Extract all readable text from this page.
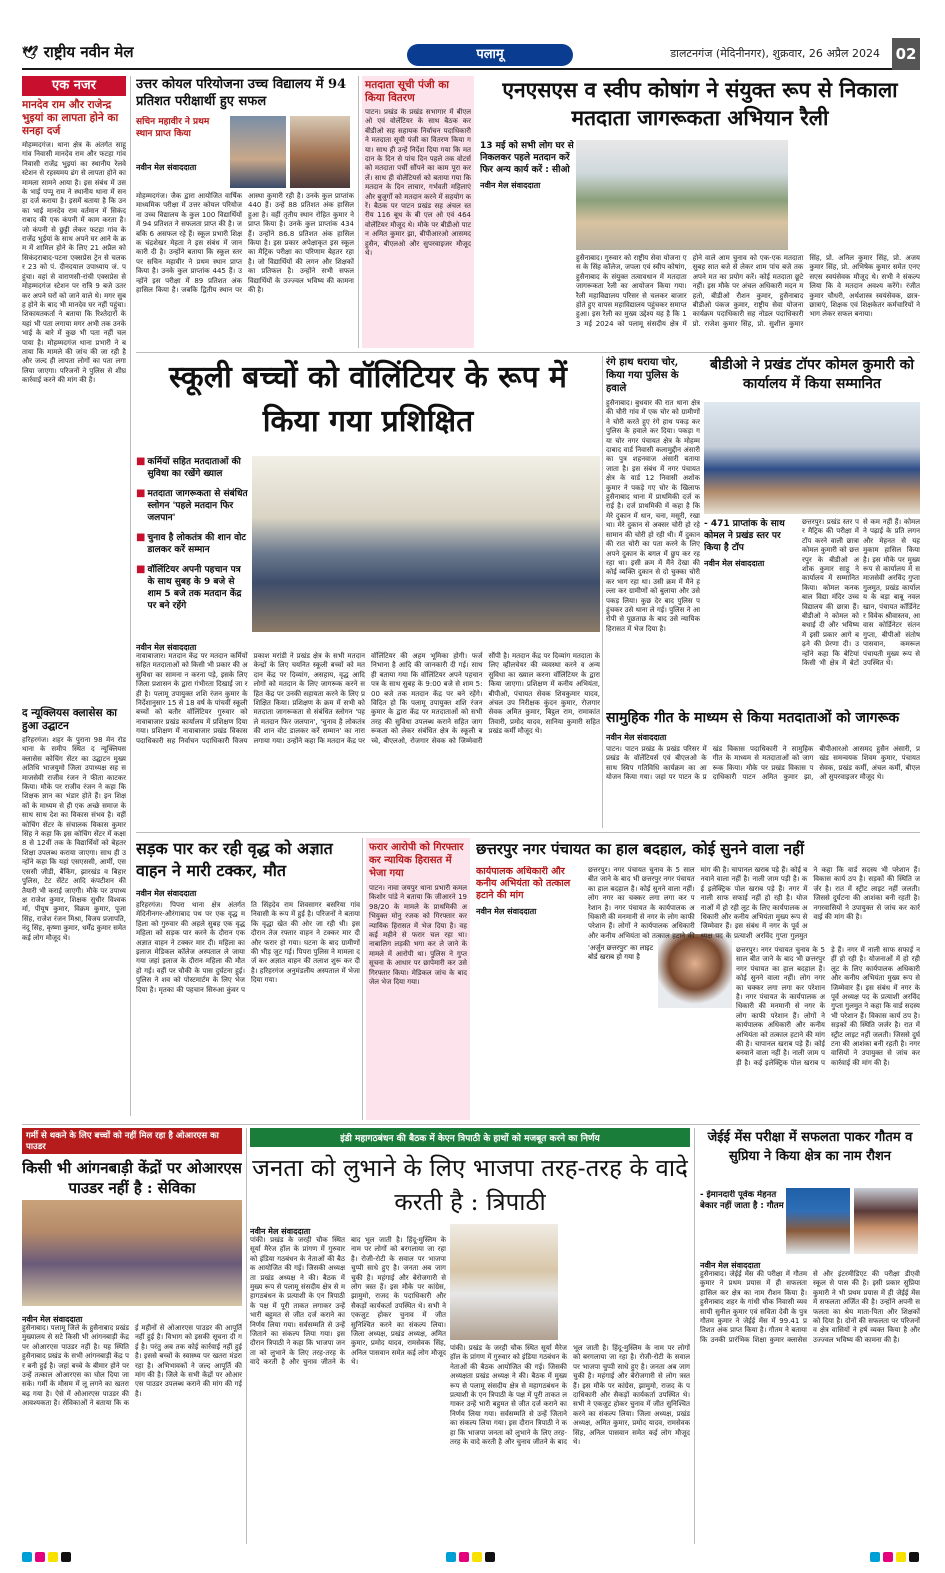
🕊 राष्ट्रीय नवीन मेल	पलामू	डालटनगंज (मेदिनीनगर), शुक्रवार, 26 अप्रैल 2024 02
एक नजर
मानदेव राम और राजेन्द्र भुइयां का लापता होने का सनहा दर्ज
मोहम्मदगंज। थाना क्षेत्र के अंतर्गत साहू गांव निवासी मानदेव राम और फटहा गांव निवासी राजेंद्र भुइयां का स्थानीय रेलवे स्टेशन से रहस्यमय ढंग से लापता होने का मामला सामने आया है। इस संबंध में उसके भाई पप्पू राम ने स्थानीय थाना में सनहा दर्ज कराया है। इसमें बताया है कि उनका भाई मानदेव राम वर्तमान में सिकंदराबाद की एक कंपनी में काम करता है। जो कंपनी से छुट्टी लेकर फटहा गांव के राजेंद्र भुईयां के साथ अपने घर आने के क्रम में शामिल होने के लिए 21 अप्रैल को सिकंदराबाद-पटना एक्सप्रेस ट्रेन से चलकर 23 को पं. दीनदयाल उपाध्याय जं. पहुंचा। वहां से वाराणसी-रांची एक्सप्रेस से मोहम्मदगंज स्टेशन पर रात्रि 9 बजे उतर कर अपने घरों को जाने वाले थे। मगर सुबह होने के बाद भी मानदेव घर नहीं पहुंचा। शिकायतकर्ता ने बताया कि रिश्तेदारों के यहां भी पता लगाया मगर अभी तक उनके भाई के बारे में कुछ भी पता नहीं चल पाया है। मोहम्मदगंज थाना प्रभारी ने बताया कि मामले की जांच की जा रही है और जल्द ही लापता लोगों का पता लगा लिया जाएगा। परिजनों ने पुलिस से शीघ्र कार्रवाई करने की मांग की है।
द न्यूक्लियस क्लासेस का हुआ उद्घाटन
हरिहरगंज। शहर के पुराना 98 मेन रोड थाना के समीप स्थित द न्यूक्लियस क्लासेस कोचिंग सेंटर का उद्घाटन मुख्य अतिथि भाजयुमो जिला उपाध्यक्ष सह समाजसेवी राजीव रंजन ने फीता काटकर किया। मौके पर राजीव रंजन ने कहा कि शिक्षक ज्ञान का भंडार होते हैं। इन शिक्षकों के माध्यम से ही एक अच्छे समाज के साथ साथ देश का विकास संभव है। वहीं कोचिंग सेंटर के संचालक विकास कुमार सिंह ने कहा कि इस कोचिंग सेंटर में कक्षा 8 से 12वीं तक के विद्यार्थियों को बेहतर शिक्षा उपलब्ध कराया जाएगा। साथ ही उन्होंने कहा कि यहां एसएससी, आर्मी, एसएससी जीडी, बैंकिंग, झारखंड व बिहार पुलिस, टेट सेंटेट आदि कंपटीशन की तैयारी भी कराई जाएगी। मौके पर उपाध्यक्ष राजेश कुमार, शिक्षक सुधीर विश्वकर्मा, पीयूष कुमार, विक्रम कुमार, पूजा सिंह, राजेश रंजन मिश्रा, विजय प्रजापति, नंदू सिंह, कृष्णा कुमार, धर्मेंद्र कुमार समेत कई लोग मौजूद थे।
उत्तर कोयल परियोजना उच्च विद्यालय में 94 प्रतिशत परीक्षार्थी हुए सफल
सचिन महावीर ने प्रथम स्थान प्राप्त किया
नवीन मेल संवाददाता
मोहम्मदगंज। जैक द्वारा आयोजित वार्षिक माध्यमिक परीक्षा में उत्तर कोयल परियोजना उच्च विद्यालय के कुल 100 विद्यार्थियों में 94 प्रतिशत ने सफलता प्राप्त की है। जबकि 6 असफल रहे हैं। स्कूल प्रभारी शिक्षक चंद्रशेखर मेहता ने इस संबंध में जानकारी दी है। उन्होंने बताया कि स्कूल स्तर पर सचिन महावीर ने प्रथम स्थान प्राप्त किया है। उनके कुल प्राप्तांक 445 हैं। उन्होंने इस परीक्षा में 89 प्रतिशत अंक हासिल किया है। जबकि द्वितीय स्थान पर आस्था कुमारी रही है। उनके कुल प्राप्तांक 440 हैं। उन्हें 88 प्रतिशत अंक हासिल हुआ है। वहीं तृतीय स्थान रोहित कुमार ने प्राप्त किया है। उनके कुल प्राप्तांक 434 हैं। उन्होंने 86.8 प्रतिशत अंक हासिल किया है। इस प्रकार अपेक्षाकृत इस स्कूल का मैट्रिक परीक्षा का परिणाम बेहतर रहा है। जो विद्यार्थियों की लगन और शिक्षकों का प्रतिफल है। उन्होंने सभी सफल विद्यार्थियों के उज्ज्वल भविष्य की कामना की है।
मतदाता सूची पंजी का किया वितरण
पाटन। प्रखंड के प्रखंड सभागार में बीएलओ एवं वोलेंटियर के साथ बैठक कर बीडीओ सह सहायक निर्वाचन पदाधिकारी ने मतदाता सूची पंजी का वितरण किया गया। साथ ही उन्हें निर्देश दिया गया कि मतदान के दिन से पांच दिन पहले तक वोटर्स को मतदाता पर्ची सौंपने का काम पूरा कर लें। साथ ही वोलेंटियर्स को बताया गया कि मतदान के दिन लाचार, गर्भवती महिलाएं और बुजुर्गों को मतदान करने में सहयोग करें। बैठक पर पाटन प्रखंड सह अंचल स्तरीय 116 बूथ के बी एल ओ एवं 464 वोलेंटियर मौजूद थे। मौके पर बीडीओ पाटन अमित कुमार झा, बीपीआरओ आसमद हुसैन, बीएलओ और सुपरवाइजर मौजूद थे।
एनएसएस व स्वीप कोषांग ने संयुक्त रूप से निकाला मतदाता जागरूकता अभियान रैली
13 मई को सभी लोग घर से निकलकर पहले मतदान करें फिर अन्य कार्य करें : सीओ
नवीन मेल संवाददाता
हुसैनाबाद। गुरुवार को राष्ट्रीय सेवा योजना एस के सिंह कॉलेज, जपला एवं स्वीप कोषांग, हुसैनाबाद के संयुक्त तत्वावधान में मतदाता जागरूकता रैली का आयोजन किया गया। रैली महाविद्यालय परिसर से चलकर बाजार होते हुए वापस महाविद्यालय पहुंचकर समाप्त हुआ। इस रैली का मुख्य उद्देश्य यह है कि 13 मई 2024 को पलामू संसदीय क्षेत्र में होने वाले आम चुनाव को एक-एक मतदाता सुबह सात बजे से लेकर शाम पांच बजे तक अपने मत का प्रयोग करें। कोई मतदाता छूटे नहीं। इस मौके पर अंचल अधिकारी मदन महतो, बीडीओ रौशन कुमार, हुसैनाबाद बीडीओ पंकज कुमार, राष्ट्रीय सेवा योजना कार्यक्रम पदाधिकारी सह नोडल पदाधिकारी प्रो. राजेश कुमार सिंह, प्रो. सुशील कुमार सिंह, प्रो. अनिल कुमार सिंह, प्रो. अजय कुमार सिंह, प्रो. अभिषेक कुमार समेत एनएसएस स्वयंसेवक मौजूद थे। सभी ने संकल्प लिया कि वे मतदान अवश्य करेंगे। रंजीत कुमार चौधरी, अर्थशास्त्र स्वयंसेवक, छात्र-छात्राएं, शिक्षक एवं शिक्षकेतर कर्मचारियों ने भाग लेकर सफल बनाया।
स्कूली बच्चों को वॉलिंटियर के रूप में किया गया प्रशिक्षित
■ कर्मियों सहित मतदाताओं की सुविधा का रखेंगे ख्याल
■ मतदाता जागरूकता से संबंधित स्लोगन 'पहले मतदान फिर जलपान'
■ चुनाव है लोकतंत्र की शान वोट डालकर करें सम्मान
■ वॉलिंटियर अपनी पहचान पत्र के साथ सुबह के 9 बजे से शाम 5 बजे तक मतदान केंद्र पर बने रहेंगे
नवीन मेल संवाददाता
नावाबाजार। मतदान केंद्र पर मतदान कर्मियों सहित मतदाताओं को किसी भी प्रकार की असुविधा का सामना न करना पड़े, इसके लिए जिला प्रशासन के द्वारा गंभीरता दिखाई जा रही है। पलामू उपायुक्त शशि रंजन कुमार के निर्देशानुसार 15 से 18 वर्ष के पांचवीं स्कूली बच्चों को बतौर वॉलिंटियर गुरुवार को नावाबाजार प्रखंड कार्यालय में प्रशिक्षण दिया गया। प्रशिक्षण में नावाबाजार प्रखंड विकास पदाधिकारी सह निर्वाचन पदाधिकारी विजय प्रकाश मरांडी ने प्रखंड क्षेत्र के सभी मतदान केन्द्रों के लिए चयनित स्कूली बच्चों को मतदान केंद्र पर दिव्यांग, असहाय, वृद्ध आदि लोगों को मतदान के लिए जागरूक करने सहित केंद्र पर उनकी सहायता करने के लिए प्रशिक्षित किया। प्रशिक्षण के क्रम में सभी को मतदाता जागरूकता से संबंधित स्लोगन 'पहले मतदान फिर जलपान', 'चुनाव है लोकतंत्र की शान वोट डालकर करें सम्मान' का नारा लगाया गया। उन्होंने कहा कि मतदान केंद्र पर वॉलिंटियर की अहम भूमिका होगी। फर्ज निभाना है आदि की जानकारी दी गई। साथ ही बताया गया कि वॉलिंटियर अपने पहचान पत्र के साथ सुबह के 9:00 बजे से शाम 5:00 बजे तक मतदान केंद्र पर बने रहेंगे। विदित हो कि पलामू उपायुक्त शशि रंजन कुमार के द्वारा केंद्र पर मतदाताओं को सभी तरह की सुविधा उपलब्ध कराने सहित जागरूकता को लेकर संबंधित क्षेत्र के स्कूली बच्चे, बीएलओ, रोजगार सेवक को जिम्मेवारी सौंपी है। मतदान केंद्र पर दिव्यांग मतदाता के लिए व्हीलचेयर की व्यवस्था करने व अन्य सुविधा का ख्याल करना वॉलिंटियर के द्वारा किया जाएगा। प्रशिक्षण में कनीय अभियंता, बीपीओ, पंचायत सेवक शिवकुमार यादव, अंचल उप निरीक्षक कुंदन कुमार, रोजगार सेवक अमित कुमार, बिट्ठल राम, रामाकांत तिवारी, प्रमोद यादव, सानिया कुमारी सहित प्रखंड कर्मी मौजूद थे।
रंगे हाथ धराया चोर, किया गया पुलिस के हवाले
हुसैनाबाद। बुधवार की रात थाना क्षेत्र की चौरी गांव में एक चोर को ग्रामीणों ने चोरी करते हुए रंगे हाथ पकड़ कर पुलिस के हवाले कर दिया। पकड़ा गया चोर नगर पंचायत क्षेत्र के मोहम्मदाबाद वार्ड निवासी कलामुद्दीन अंसारी का पुत्र शहनवाज अंसारी बताया जाता है। इस संबंध में नगर पंचायत क्षेत्र के वार्ड 12 निवासी अशोक कुमार ने पकड़े गए चोर के खिलाफ हुसैनाबाद थाना में प्राथमिकी दर्ज कराई है। दर्ज प्राथमिकी में कहा है कि मेरे दुकान में धान, चना, मसूरी, रखा था। मेरे दुकान से अक्सर चोरी हो रहे सामान की चोरी हो रही थी। मैं दुकान की रात चोरी का पता करने के लिए अपने दुकान के बगल में छुप कर रह रहा था। इसी क्रम में मैंने देखा की कोई व्यक्ति दुकान से दो चुक्का चोरी कर भाग रहा था। उसी क्रम में मैंने हल्ला कर ग्रामीणों को बुलाया और उसे पकड़ लिया। कुछ देर बाद पुलिस पहुंचकर उसे थाना ले गई। पुलिस ने आरोपी से पूछताछ के बाद उसे न्यायिक हिरासत में भेज दिया है।
बीडीओ ने प्रखंड टॉपर कोमल कुमारी को कार्यालय में किया सम्मानित
- 471 प्राप्तांक के साथ कोमल ने प्रखंड स्तर पर किया है टॉप
नवीन मेल संवाददाता
छत्तरपुर। प्रखंड स्तर पर मैट्रिक की परीक्षा में टॉप करने वाली छात्रा कोमल कुमारी को छत्तरपुर के बीडीओ अशोक कुमार साहू ने कार्यालय में सम्मानित किया। कोमल कनक बाल विद्या मंदिर उच्च विद्यालय की छात्रा हैं। बीडीओ ने कोमल को बधाई दी और भविष्य में इसी प्रकार आगे बढ़ने की प्रेरणा दी। उन्होंने कहा कि बेटियां किसी भी क्षेत्र में बेटों से कम नहीं हैं। कोमल ने पढ़ाई के प्रति लगन और मेहनत से यह मुकाम हासिल किया है। इस मौके पर मुख्य रूप से कार्यालय में समाजसेवी अरविंद गुप्ता गुलमुत, प्रखंड कार्यालय के बड़ा बाबू नवल खान, पंचायत कॉर्डिनेटर विवेक श्रीवास्तव, आवास कोर्डिनेटर संतन गुप्ता, बीपीओ संतोष पासवान, कमरूल पंचायती मुख्य रूप से उपस्थित थे।
सामुहिक गीत के माध्यम से किया मतदाताओं को जागरूक
नवीन मेल संवाददाता
पाटन। पाटन प्रखंड के प्रखंड परिसर में प्रखंड के वॉलेंटियर्स एवं बीएलओ के साथ स्विप गतिविधि कार्यक्रम का आयोजन किया गया। जहां पर पाटन के प्रखंड विकास पदाधिकारी ने सामुहिक गीत के माध्यम से मतदाताओं को जागरूक किया। मौके पर प्रखंड विकास पदाधिकारी पाटन अमित कुमार झा, बीपीआरओ आसमद हुसैन अंसारी, प्रखंड समन्वयक शिवम कुमार, पंचायत सेवक, प्रखंड कर्मी, अंचल कर्मी, बीएलओ सुपरवाइजर मौजूद थे।
सड़क पार कर रही वृद्ध को अज्ञात वाहन ने मारी टक्कर, मौत
नवीन मेल संवाददाता
हरिहरगंज। पिपरा थाना क्षेत्र अंतर्गत मेदिनीनगर-औरंगाबाद पथ पर एक वृद्ध महिला को गुरुवार की अहले सुबह एक वृद्ध महिला को सड़क पार करने के दौरान एक अज्ञात वाहन ने टक्कर मार दी। महिला का इलाज मेडिकल कॉलेज अस्पताल ले जाया गया जहां इलाज के दौरान महिला की मौत हो गई। वहीं पर चौकी के पास दुर्घटना हुई। पुलिस ने शव को पोस्टमार्टम के लिए भेज दिया है। मृतका की पहचान सिरुआ कुंवर पति सिंहदेव राम शिवसागर बसरिया गांव निवासी के रूप में हुई है। परिजनों ने बताया कि वृद्धा खेत की ओर जा रही थी। इस दौरान तेज रफ्तार वाहन ने टक्कर मार दी और फरार हो गया। घटना के बाद ग्रामीणों की भीड़ जुट गई। पिपरा पुलिस ने मामला दर्ज कर अज्ञात वाहन की तलाश शुरू कर दी है। हरिहरगंज अनुमंडलीय अस्पताल में भेजा दिया गया।
फरार आरोपी को गिरफ्तार कर न्यायिक हिरासत में भेजा गया
पाटन। नावा जयपुर थाना प्रभारी कमल किशोर पांडे ने बताया कि जीआरने 1998/20 के मामले के प्राथमिकी अभियुक्त मोनु रजक को गिरफ्तार कर न्यायिक हिरासत में भेज दिया है। वह कई महीने से फरार चल रहा था। नाबालिग लड़की भगा कर ले जाने के मामले में आरोपी था। पुलिस ने गुप्त सूचना के आधार पर छापेमारी कर उसे गिरफ्तार किया। मेडिकल जांच के बाद जेल भेज दिया गया।
छत्तरपुर नगर पंचायत का हाल बदहाल, कोई सुनने वाला नहीं
कार्यपालक अधिकारी और कनीय अभियंता को तत्काल हटाने की मांग
नवीन मेल संवाददाता
'अर्जुन छत्तरपुर' का लाइट बोर्ड खराब हो गया है
छत्तरपुर। नगर पंचायत चुनाव के 5 साल बीत जाने के बाद भी छत्तरपुर नगर पंचायत का हाल बदहाल है। कोई सुनने वाला नहीं। लोग नगर का चक्कर लगा लगा कर परेशान है। नगर पंचायत के कार्यपालक अधिकारी की मनमानी से नगर के लोग काफी परेशान हैं। लोगों ने कार्यपालक अधिकारी और कनीय अभियंता को तत्काल हटाने की मांग की है। चापानल खराब पड़े हैं। कोई बनवाने वाला नहीं है। नाली जाम पड़ी है। कई इलेक्ट्रिक पोल खराब पड़े हैं। नगर में नाली साफ सफाई नहीं हो रही है। योजनाओं में हो रही लूट के लिए कार्यपालक अधिकारी और कनीय अभियंता मुख्य रूप से जिम्मेवार हैं। इस संबंध में नगर के पूर्व अध्यक्ष पद के प्रत्याशी अरविंद गुप्ता गुलमुत ने कहा कि वार्ड सदस्य भी परेशान हैं। विकास कार्य ठप है। सड़कों की स्थिति जर्जर है। रात में स्ट्रीट लाइट नहीं जलती। जिससे दुर्घटना की आशंका बनी रहती है। नगरवासियों ने उपायुक्त से जांच कर कार्रवाई की मांग की है।
छत्तरपुर। नगर पंचायत चुनाव के 5 साल बीत जाने के बाद भी छत्तरपुर नगर पंचायत का हाल बदहाल है। कोई सुनने वाला नहीं। लोग नगर का चक्कर लगा लगा कर परेशान है। नगर पंचायत के कार्यपालक अधिकारी की मनमानी से नगर के लोग काफी परेशान हैं। लोगों ने कार्यपालक अधिकारी और कनीय अभियंता को तत्काल हटाने की मांग की है। चापानल खराब पड़े हैं। कोई बनवाने वाला नहीं है। नाली जाम पड़ी है। कई इलेक्ट्रिक पोल खराब पड़े हैं। नगर में नाली साफ सफाई नहीं हो रही है। योजनाओं में हो रही लूट के लिए कार्यपालक अधिकारी और कनीय अभियंता मुख्य रूप से जिम्मेवार हैं। इस संबंध में नगर के पूर्व अध्यक्ष पद के प्रत्याशी अरविंद गुप्ता गुलमुत ने कहा कि वार्ड सदस्य भी परेशान हैं। विकास कार्य ठप है। सड़कों की स्थिति जर्जर है। रात में स्ट्रीट लाइट नहीं जलती। जिससे दुर्घटना की आशंका बनी रहती है। नगरवासियों ने उपायुक्त से जांच कर कार्रवाई की मांग की है।
गर्मी से थकने के लिए बच्चों को नहीं मिल रहा है ओआरएस का पाउडर
किसी भी आंगनबाड़ी केंद्रों पर ओआरएस पाउडर नहीं है : सेविका
नवीन मेल संवाददाता
हुसैनाबाद। पलामू जिले के हुसैनाबाद प्रखंड मुख्यालय से सटे किसी भी आंगनबाड़ी केंद्र पर ओआरएस पाउडर नहीं है। यह स्थिति हुसैनाबाद प्रखंड के सभी आंगनबाड़ी केंद्र पर बनी हुई है। जहां बच्चे के बीमार होने पर उन्हें तत्काल ओआरएस का घोल दिया जा सके। गर्मी के मौसम में लू लगने का खतरा बढ़ गया है। ऐसे में ओआरएस पाउडर की आवश्यकता है। सेविकाओं ने बताया कि कई महीनों से ओआरएस पाउडर की आपूर्ति नहीं हुई है। विभाग को इसकी सूचना दी गई है। परंतु अब तक कोई कार्रवाई नहीं हुई है। इससे बच्चों के स्वास्थ्य पर खतरा मंडरा रहा है। अभिभावकों ने जल्द आपूर्ति की मांग की है। जिले के सभी केंद्रों पर ओआरएस पाउडर उपलब्ध कराने की मांग की गई है।
इंडी महागठबंधन की बैठक में केएन त्रिपाठी के हाथों को मजबूत करने का निर्णय
जनता को लुभाने के लिए भाजपा तरह-तरह के वादे करती है : त्रिपाठी
नवीन मेल संवाददाता
पांकी। प्रखंड के जरही चौक स्थित सूर्या मैरेज हॉल के प्रांगण में गुरुवार को इंडिया गठबंधन के नेताओं की बैठक आयोजित की गई। जिसकी अध्यक्षता प्रखंड अध्यक्ष ने की। बैठक में मुख्य रूप से पलामू संसदीय क्षेत्र से महागठबंधन के प्रत्याशी के एन त्रिपाठी के पक्ष में पूरी ताकत लगाकर उन्हें भारी बहुमत से जीत दर्ज कराने का निर्णय लिया गया। सर्वसम्मति से उन्हें जिताने का संकल्प लिया गया। इस दौरान त्रिपाठी ने कहा कि भाजपा जनता को लुभाने के लिए तरह-तरह के वादे करती है और चुनाव जीतने के बाद भूल जाती है। हिंदू-मुस्लिम के नाम पर लोगों को बरगलाया जा रहा है। रोजी-रोटी के सवाल पर भाजपा चुप्पी साधे हुए है। जनता अब जाग चुकी है। महंगाई और बेरोजगारी से लोग त्रस्त हैं। इस मौके पर कांग्रेस, झामुमो, राजद के पदाधिकारी और सैकड़ों कार्यकर्ता उपस्थित थे। सभी ने एकजुट होकर चुनाव में जीत सुनिश्चित करने का संकल्प लिया। जिला अध्यक्ष, प्रखंड अध्यक्ष, अमित कुमार, प्रमोद यादव, रामसेवक सिंह, अनिल पासवान समेत कई लोग मौजूद थे।
पांकी। प्रखंड के जरही चौक स्थित सूर्या मैरेज हॉल के प्रांगण में गुरुवार को इंडिया गठबंधन के नेताओं की बैठक आयोजित की गई। जिसकी अध्यक्षता प्रखंड अध्यक्ष ने की। बैठक में मुख्य रूप से पलामू संसदीय क्षेत्र से महागठबंधन के प्रत्याशी के एन त्रिपाठी के पक्ष में पूरी ताकत लगाकर उन्हें भारी बहुमत से जीत दर्ज कराने का निर्णय लिया गया। सर्वसम्मति से उन्हें जिताने का संकल्प लिया गया। इस दौरान त्रिपाठी ने कहा कि भाजपा जनता को लुभाने के लिए तरह-तरह के वादे करती है और चुनाव जीतने के बाद भूल जाती है। हिंदू-मुस्लिम के नाम पर लोगों को बरगलाया जा रहा है। रोजी-रोटी के सवाल पर भाजपा चुप्पी साधे हुए है। जनता अब जाग चुकी है। महंगाई और बेरोजगारी से लोग त्रस्त हैं। इस मौके पर कांग्रेस, झामुमो, राजद के पदाधिकारी और सैकड़ों कार्यकर्ता उपस्थित थे। सभी ने एकजुट होकर चुनाव में जीत सुनिश्चित करने का संकल्प लिया। जिला अध्यक्ष, प्रखंड अध्यक्ष, अमित कुमार, प्रमोद यादव, रामसेवक सिंह, अनिल पासवान समेत कई लोग मौजूद थे।
जेईई मेंस परीक्षा में सफलता पाकर गौतम व सुप्रिया ने किया क्षेत्र का नाम रौशन
- ईमानदारी पूर्वक मेहनत बेकार नहीं जाता है : गौतम
नवीन मेल संवाददाता
हुसैनाबाद। जेईई मेंस की परीक्षा में गौतम कुमार ने प्रथम प्रयास में ही सफलता हासिल कर क्षेत्र का नाम रौशन किया है। हुसैनाबाद शहर के गांधी चौक निवासी व्यवसायी सुनील कुमार एवं सविता देवी के पुत्र गौतम कुमार ने जेईई मेंस में 99.41 प्रतिशत अंक प्राप्त किया है। गौतम ने बताया कि उनकी प्रारंभिक शिक्षा कुमार क्लासेस से और इंटरमीडिएट की परीक्षा डीएवी स्कूल से पास की है। इसी प्रकार सुप्रिया कुमारी ने भी प्रथम प्रयास में ही जेईई मेंस में सफलता अर्जित की है। उन्होंने अपनी सफलता का श्रेय माता-पिता और शिक्षकों को दिया है। दोनों की सफलता पर परिजनों व क्षेत्र वासियों ने हर्ष व्यक्त किया है और उज्ज्वल भविष्य की कामना की है।
